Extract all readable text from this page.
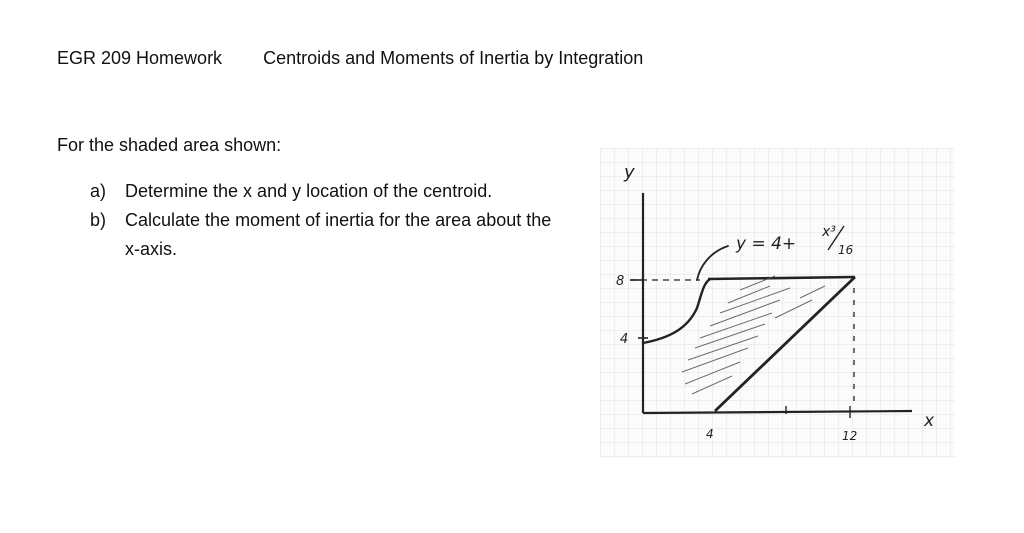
EGR 209 Homework Centroids and Moments of Inertia by Integration
For the shaded area shown:
a)	Determine the x and y location of the centroid.
b)	Calculate the moment of inertia for the area about the x-axis.
y
x
8
4
4	12
y = 4+
x³
16
